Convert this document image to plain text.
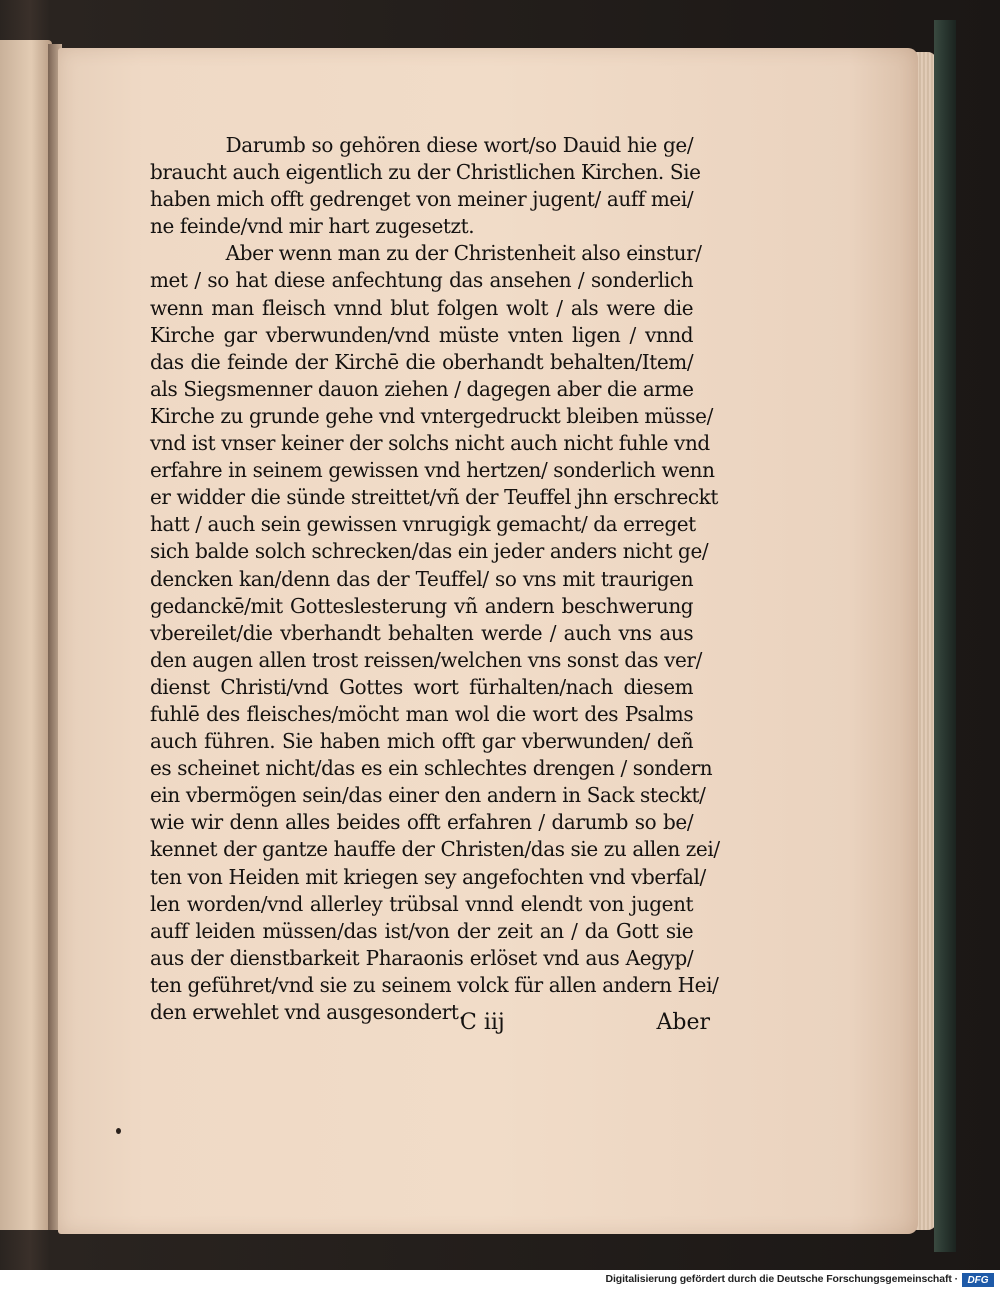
Darumb so gehören diese wort/so Dauid hie ge/
braucht auch eigentlich zu der Christlichen Kirchen. Sie
haben mich offt gedrenget von meiner jugent/ auff mei/
ne feinde/vnd mir hart zugesetzt.
Aber wenn man zu der Christenheit also einstur/
met / so hat diese anfechtung das ansehen / sonderlich
wenn man fleisch vnnd blut folgen wolt / als were die
Kirche gar vberwunden/vnd müste vnten ligen / vnnd
das die feinde der Kirchē die oberhandt behalten/Item/
als Siegsmenner dauon ziehen / dagegen aber die arme
Kirche zu grunde gehe vnd vntergedruckt bleiben müsse/
vnd ist vnser keiner der solchs nicht auch nicht fuhle vnd
erfahre in seinem gewissen vnd hertzen/ sonderlich wenn
er widder die sünde streittet/vñ der Teuffel jhn erschreckt
hatt / auch sein gewissen vnrugigk gemacht/ da erreget
sich balde solch schrecken/das ein jeder anders nicht ge/
dencken kan/denn das der Teuffel/ so vns mit traurigen
gedanckē/mit Gotteslesterung vñ andern beschwerung
vbereilet/die vberhandt behalten werde / auch vns aus
den augen allen trost reissen/welchen vns sonst das ver/
dienst Christi/vnd Gottes wort fürhalten/nach diesem
fuhlē des fleisches/möcht man wol die wort des Psalms
auch führen. Sie haben mich offt gar vberwunden/ deñ
es scheinet nicht/das es ein schlechtes drengen / sondern
ein vbermögen sein/das einer den andern in Sack steckt/
wie wir denn alles beides offt erfahren / darumb so be/
kennet der gantze hauffe der Christen/das sie zu allen zei/
ten von Heiden mit kriegen sey angefochten vnd vberfal/
len worden/vnd allerley trübsal vnnd elendt von jugent
auff leiden müssen/das ist/von der zeit an / da Gott sie
aus der dienstbarkeit Pharaonis erlöset vnd aus Aegyp/
ten geführet/vnd sie zu seinem volck für allen andern Hei/
den erwehlet vnd ausgesondert.
C iij	Aber
Digitalisierung gefördert durch die Deutsche Forschungsgemeinschaft · DFG
